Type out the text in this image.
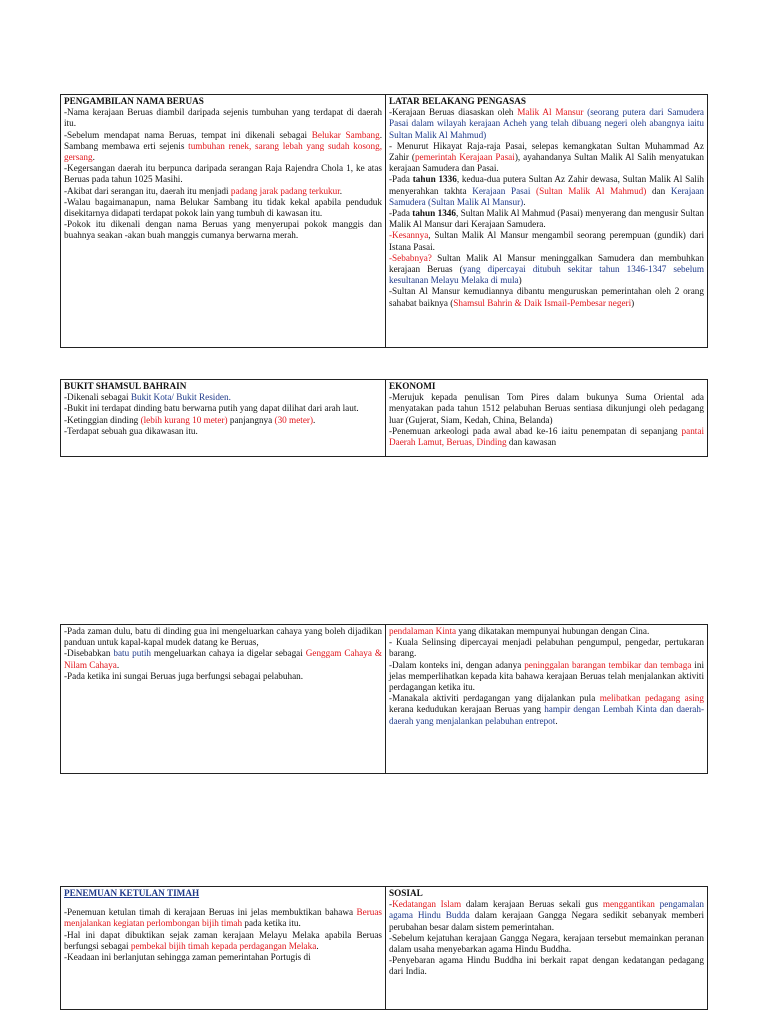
PENGAMBILAN NAMA BERUAS

-Nama kerajaan Beruas diambil daripada sejenis tumbuhan yang terdapat di daerah itu.

-Sebelum mendapat nama Beruas, tempat ini dikenali sebagai Belukar Sambang. Sambang membawa erti sejenis tumbuhan renek, sarang lebah yang sudah kosong, gersang.

-Kegersangan daerah itu berpunca daripada serangan Raja Rajendra Chola 1, ke atas Beruas pada tahun 1025 Masihi.

-Akibat dari serangan itu, daerah itu menjadi padang jarak padang terkukur.

-Walau bagaimanapun, nama Belukar Sambang itu tidak kekal apabila penduduk disekitarnya didapati terdapat pokok lain yang tumbuh di kawasan itu.

-Pokok itu dikenali dengan nama Beruas yang menyerupai pokok manggis dan buahnya seakan -akan buah manggis cumanya berwarna merah.

LATAR BELAKANG PENGASAS

-Kerajaan Beruas diasaskan oleh Malik Al Mansur (seorang putera dari Samudera Pasai dalam wilayah kerajaan Acheh yang telah dibuang negeri oleh abangnya iaitu Sultan Malik Al Mahmud)

- Menurut Hikayat Raja-raja Pasai, selepas kemangkatan Sultan Muhammad Az Zahir (pemerintah Kerajaan Pasai), ayahandanya Sultan Malik Al Salih menyatukan kerajaan Samudera dan Pasai.

-Pada tahun 1336, kedua-dua putera Sultan Az Zahir dewasa, Sultan Malik Al Salih menyerahkan takhta Kerajaan Pasai (Sultan Malik Al Mahmud) dan Kerajaan Samudera (Sultan Malik Al Mansur).

-Pada tahun 1346, Sultan Malik Al Mahmud (Pasai) menyerang dan mengusir Sultan Malik Al Mansur dari Kerajaan Samudera.

-Kesannya, Sultan Malik Al Mansur mengambil seorang perempuan (gundik) dari Istana Pasai.

-Sebabnya? Sultan Malik Al Mansur meninggalkan Samudera dan membuhkan kerajaan Beruas (yang dipercayai ditubuh sekitar tahun 1346-1347 sebelum kesultanan Melayu Melaka di mula)

-Sultan Al Mansur kemudiannya dibantu menguruskan pemerintahan oleh 2 orang sahabat baiknya (Shamsul Bahrin & Daik Ismail-Pembesar negeri)

BUKIT SHAMSUL BAHRAIN

-Dikenali sebagai Bukit Kota/ Bukit Residen.

-Bukit ini terdapat dinding batu berwarna putih yang dapat dilihat dari arah laut.

-Ketinggian dinding (lebih kurang 10 meter) panjangnya (30 meter).

-Terdapat sebuah gua dikawasan itu.

EKONOMI

-Merujuk kepada penulisan Tom Pires dalam bukunya Suma Oriental ada menyatakan pada tahun 1512 pelabuhan Beruas sentiasa dikunjungi oleh pedagang luar (Gujerat, Siam, Kedah, China, Belanda)

-Penemuan arkeologi pada awal abad ke-16 iaitu penempatan di sepanjang pantai Daerah Lamut, Beruas, Dinding dan kawasan

-Pada zaman dulu, batu di dinding gua ini mengeluarkan cahaya yang boleh dijadikan panduan untuk kapal-kapal mudek datang ke Beruas,

-Disebabkan batu putih mengeluarkan cahaya ia digelar sebagai Genggam Cahaya & Nilam Cahaya.

-Pada ketika ini sungai Beruas juga berfungsi sebagai pelabuhan.

pendalaman Kinta yang dikatakan mempunyai hubungan dengan Cina.

- Kuala Selinsing dipercayai menjadi pelabuhan pengumpul, pengedar, pertukaran barang.

-Dalam konteks ini, dengan adanya peninggalan barangan tembikar dan tembaga ini jelas memperlihatkan kepada kita bahawa kerajaan Beruas telah menjalankan aktiviti perdagangan ketika itu.

-Manakala aktiviti perdagangan yang dijalankan pula melibatkan pedagang asing kerana kedudukan kerajaan Beruas yang hampir dengan Lembah Kinta dan daerah-daerah yang menjalankan pelabuhan entrepot.

PENEMUAN KETULAN TIMAH

-Penemuan ketulan timah di kerajaan Beruas ini jelas membuktikan bahawa Beruas menjalankan kegiatan perlombongan bijih timah pada ketika itu.

-Hal ini dapat dibuktikan sejak zaman kerajaan Melayu Melaka apabila Beruas berfungsi sebagai pembekal bijih timah kepada perdagangan Melaka.

-Keadaan ini berlanjutan sehingga zaman pemerintahan Portugis di

SOSIAL

-Kedatangan Islam dalam kerajaan Beruas sekali gus menggantikan pengamalan agama Hindu Budda dalam kerajaan Gangga Negara sedikit sebanyak memberi perubahan besar dalam sistem pemerintahan.

-Sebelum kejatuhan kerajaan Gangga Negara, kerajaan tersebut memainkan peranan dalam usaha menyebarkan agama Hindu Buddha.

-Penyebaran agama Hindu Buddha ini berkait rapat dengan kedatangan pedagang dari India.
